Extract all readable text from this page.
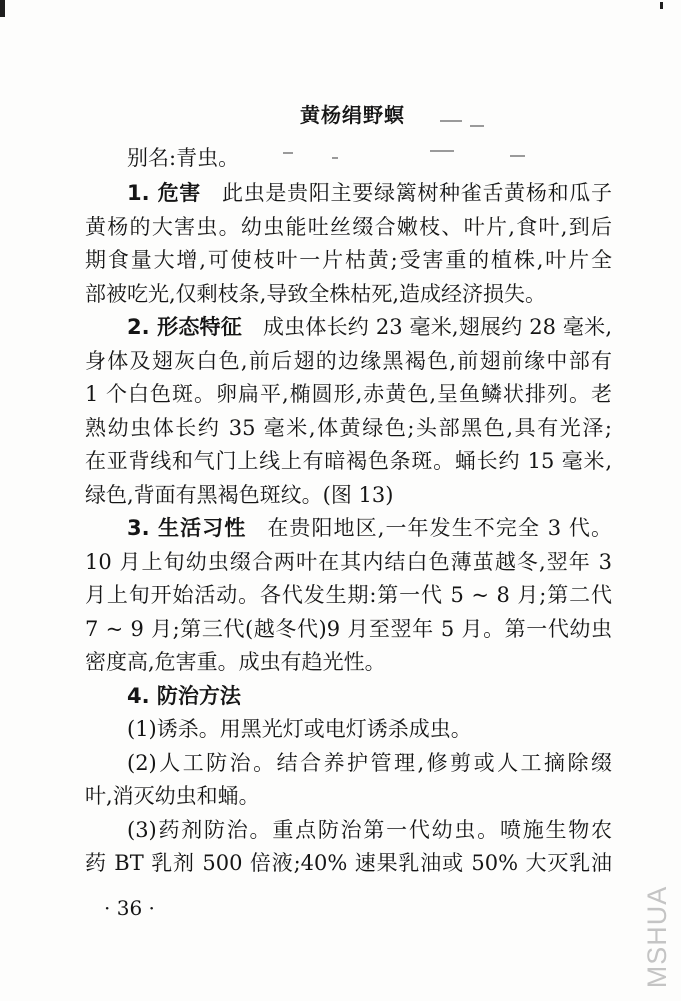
黄杨绢野螟
别名:青虫。
1. 危害 此虫是贵阳主要绿篱树种雀舌黄杨和瓜子
黄杨的大害虫。幼虫能吐丝缀合嫩枝、叶片,食叶,到后
期食量大增,可使枝叶一片枯黄;受害重的植株,叶片全
部被吃光,仅剩枝条,导致全株枯死,造成经济损失。
2. 形态特征 成虫体长约 23 毫米,翅展约 28 毫米,
身体及翅灰白色,前后翅的边缘黑褐色,前翅前缘中部有
1 个白色斑。卵扁平,椭圆形,赤黄色,呈鱼鳞状排列。老
熟幼虫体长约 35 毫米,体黄绿色;头部黑色,具有光泽;
在亚背线和气门上线上有暗褐色条斑。蛹长约 15 毫米,
绿色,背面有黑褐色斑纹。(图 13)
3. 生活习性 在贵阳地区,一年发生不完全 3 代。
10 月上旬幼虫缀合两叶在其内结白色薄茧越冬,翌年 3
月上旬开始活动。各代发生期:第一代 5 ~ 8 月;第二代
7 ~ 9 月;第三代(越冬代)9 月至翌年 5 月。第一代幼虫
密度高,危害重。成虫有趋光性。
4. 防治方法
(1)诱杀。用黑光灯或电灯诱杀成虫。
(2)人工防治。结合养护管理,修剪或人工摘除缀
叶,消灭幼虫和蛹。
(3)药剂防治。重点防治第一代幼虫。喷施生物农
药 BT 乳剂 500 倍液;40% 速果乳油或 50% 大灭乳油
· 36 ·	MSHUA
